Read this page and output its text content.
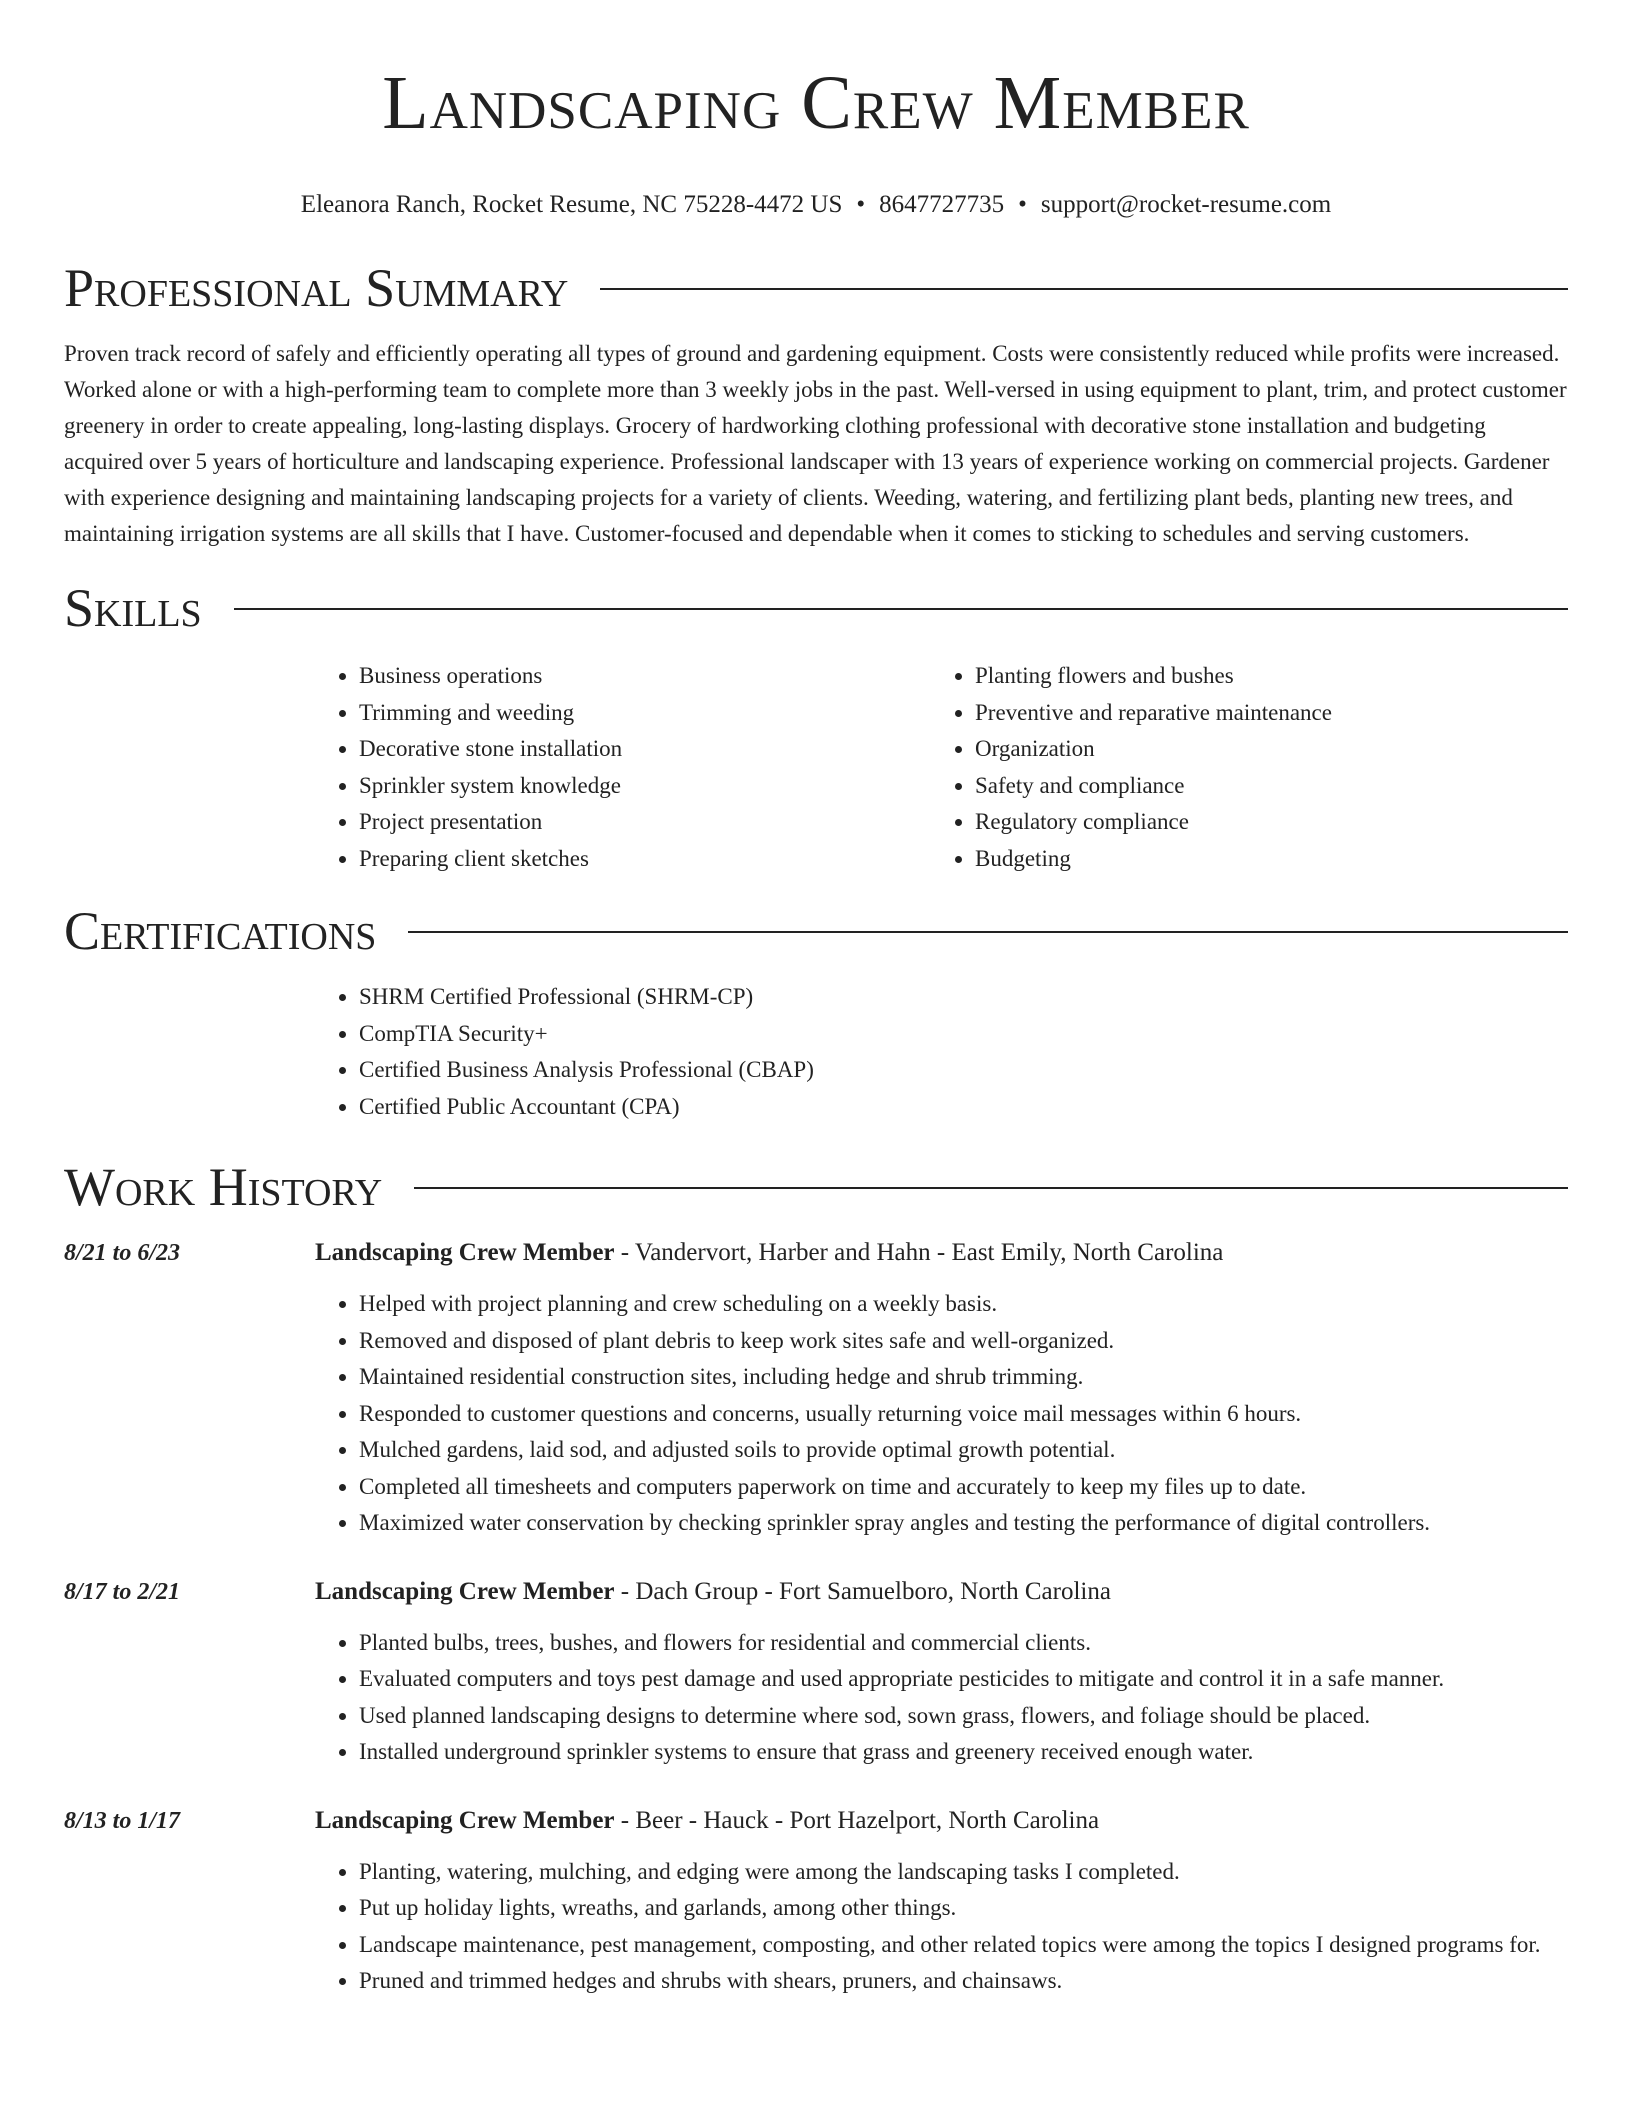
Landscaping Crew Member
Eleanora Ranch, Rocket Resume, NC 75228-4472 US • 8647727735 • support@rocket-resume.com
Professional Summary

Proven track record of safely and efficiently operating all types of ground and gardening equipment. Costs were consistently reduced while profits were increased. Worked alone or with a high-performing team to complete more than 3 weekly jobs in the past. Well-versed in using equipment to plant, trim, and protect customer greenery in order to create appealing, long-lasting displays. Grocery of hardworking clothing professional with decorative stone installation and budgeting acquired over 5 years of horticulture and landscaping experience. Professional landscaper with 13 years of experience working on commercial projects. Gardener with experience designing and maintaining landscaping projects for a variety of clients. Weeding, watering, and fertilizing plant beds, planting new trees, and maintaining irrigation systems are all skills that I have. Customer-focused and dependable when it comes to sticking to schedules and serving customers.

Skills
• Business operations
• Trimming and weeding
• Decorative stone installation
• Sprinkler system knowledge
• Project presentation
• Preparing client sketches
• Planting flowers and bushes
• Preventive and reparative maintenance
• Organization
• Safety and compliance
• Regulatory compliance
• Budgeting
Certifications
• SHRM Certified Professional (SHRM-CP)
• CompTIA Security+
• Certified Business Analysis Professional (CBAP)
• Certified Public Accountant (CPA)
Work History
8/21 to 6/23	Landscaping Crew Member - Vandervort, Harber and Hahn - East Emily, North Carolina
• Helped with project planning and crew scheduling on a weekly basis.
• Removed and disposed of plant debris to keep work sites safe and well-organized.
• Maintained residential construction sites, including hedge and shrub trimming.
• Responded to customer questions and concerns, usually returning voice mail messages within 6 hours.
• Mulched gardens, laid sod, and adjusted soils to provide optimal growth potential.
• Completed all timesheets and computers paperwork on time and accurately to keep my files up to date.
• Maximized water conservation by checking sprinkler spray angles and testing the performance of digital controllers.
8/17 to 2/21	Landscaping Crew Member - Dach Group - Fort Samuelboro, North Carolina
• Planted bulbs, trees, bushes, and flowers for residential and commercial clients.
• Evaluated computers and toys pest damage and used appropriate pesticides to mitigate and control it in a safe manner.
• Used planned landscaping designs to determine where sod, sown grass, flowers, and foliage should be placed.
• Installed underground sprinkler systems to ensure that grass and greenery received enough water.
8/13 to 1/17	Landscaping Crew Member - Beer - Hauck - Port Hazelport, North Carolina
• Planting, watering, mulching, and edging were among the landscaping tasks I completed.
• Put up holiday lights, wreaths, and garlands, among other things.
• Landscape maintenance, pest management, composting, and other related topics were among the topics I designed programs for.
• Pruned and trimmed hedges and shrubs with shears, pruners, and chainsaws.
